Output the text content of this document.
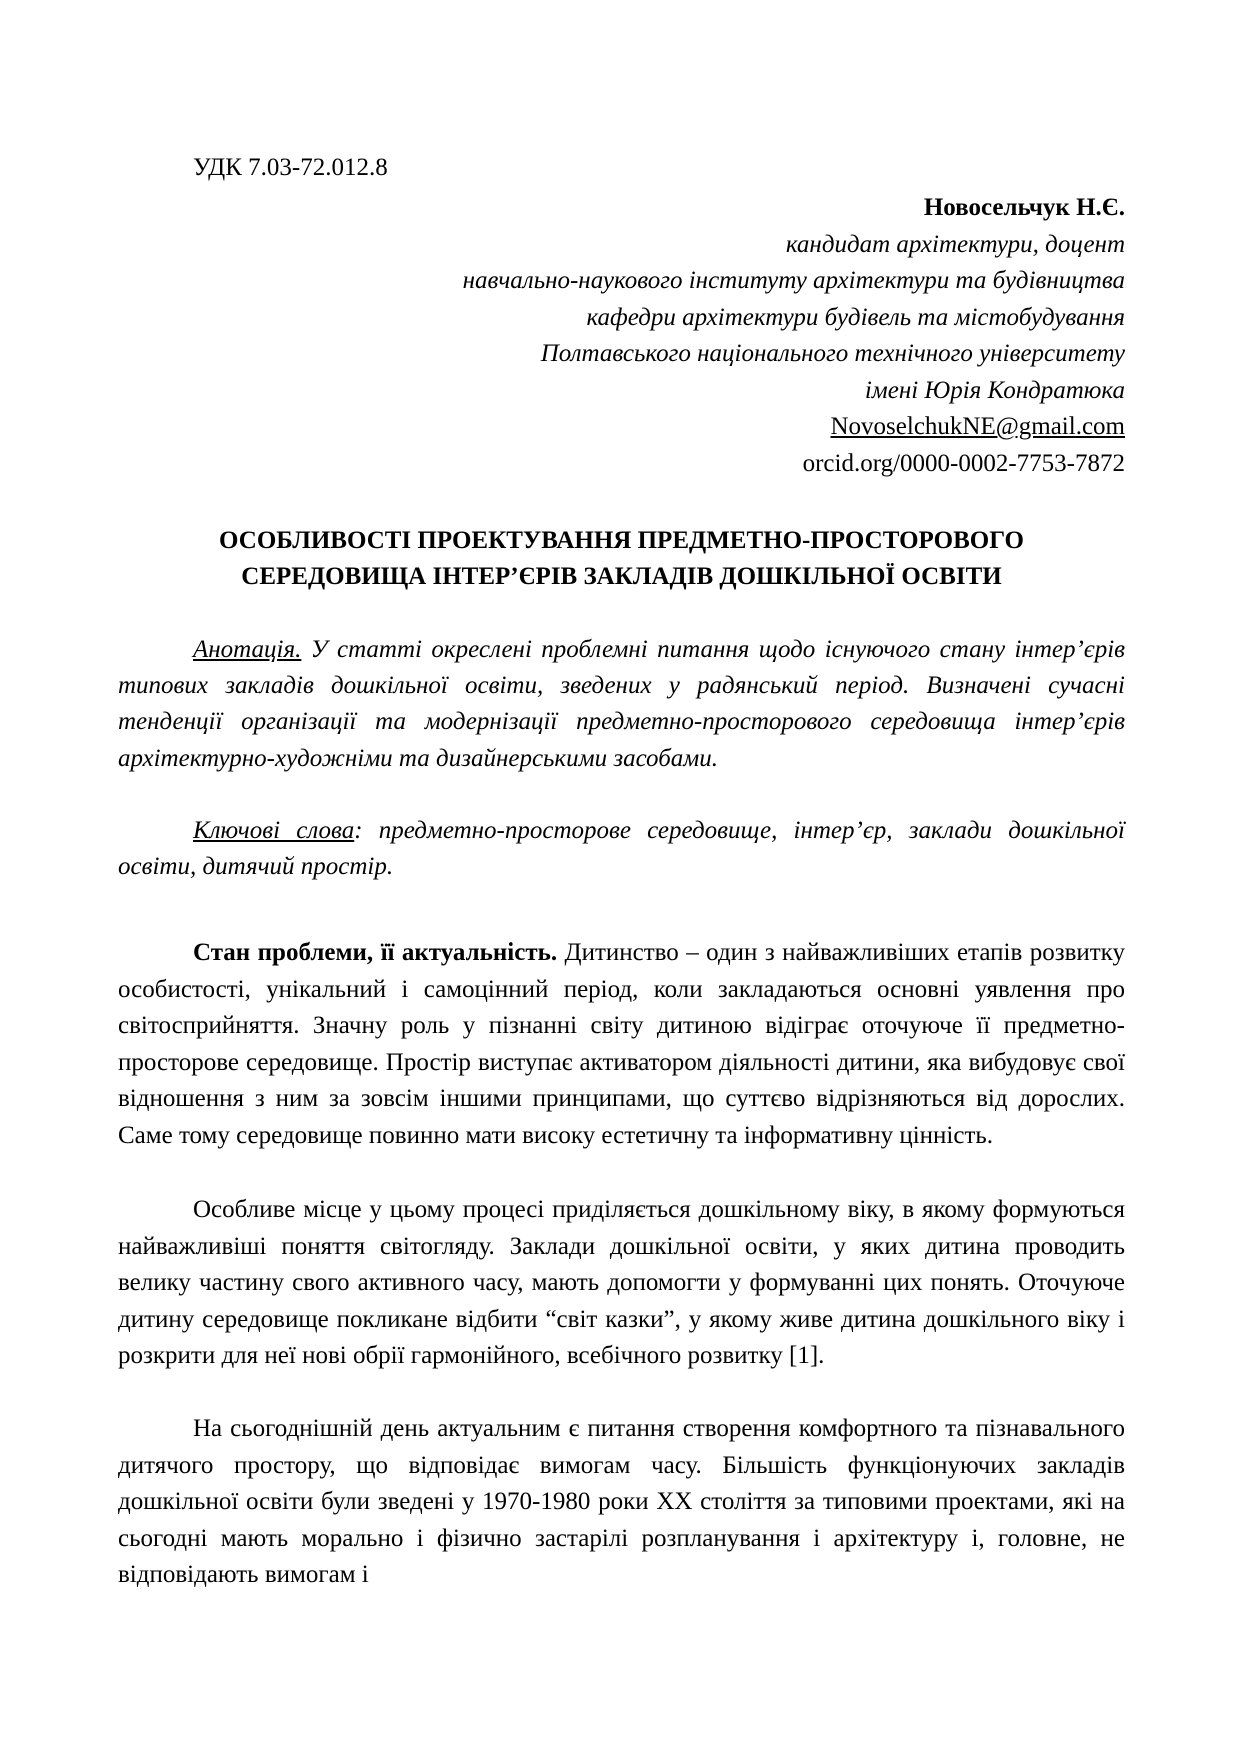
УДК 7.03-72.012.8
Новосельчук Н.Є.
кандидат архітектури, доцент
навчально-наукового інституту архітектури та будівництва
кафедри архітектури будівель та містобудування
Полтавського національного технічного університету
імені Юрія Кондратюка
NovoselchukNE@gmail.com
orcid.org/0000-0002-7753-7872
ОСОБЛИВОСТІ ПРОЕКТУВАННЯ ПРЕДМЕТНО-ПРОСТОРОВОГО
СЕРЕДОВИЩА ІНТЕР’ЄРІВ ЗАКЛАДІВ ДОШКІЛЬНОЇ ОСВІТИ

Анотація. У статті окреслені проблемні питання щодо існуючого стану інтер’єрів типових закладів дошкільної освіти, зведених у радянський період. Визначені сучасні тенденції організації та модернізації предметно-просторового середовища інтер’єрів архітектурно-художніми та дизайнерськими засобами.

Ключові слова: предметно-просторове середовище, інтер’єр, заклади дошкільної освіти, дитячий простір.

Стан проблеми, її актуальність. Дитинство – один з найважливіших етапів розвитку особистості, унікальний і самоцінний період, коли закладаються основні уявлення про світосприйняття. Значну роль у пізнанні світу дитиною відіграє оточуюче її предметно-просторове середовище. Простір виступає активатором діяльності дитини, яка вибудовує свої відношення з ним за зовсім іншими принципами, що суттєво відрізняються від дорослих. Саме тому середовище повинно мати високу естетичну та інформативну цінність.

Особливе місце у цьому процесі приділяється дошкільному віку, в якому формуються найважливіші поняття світогляду. Заклади дошкільної освіти, у яких дитина проводить велику частину свого активного часу, мають допомогти у формуванні цих понять. Оточуюче дитину середовище покликане відбити “світ казки”, у якому живе дитина дошкільного віку і розкрити для неї нові обрії гармонійного, всебічного розвитку [1].

На сьогоднішній день актуальним є питання створення комфортного та пізнавального дитячого простору, що відповідає вимогам часу. Більшість функціонуючих закладів дошкільної освіти були зведені у 1970-1980 роки ХХ століття за типовими проектами, які на сьогодні мають морально і фізично застарілі розпланування і архітектуру і, головне, не відповідають вимогам і
